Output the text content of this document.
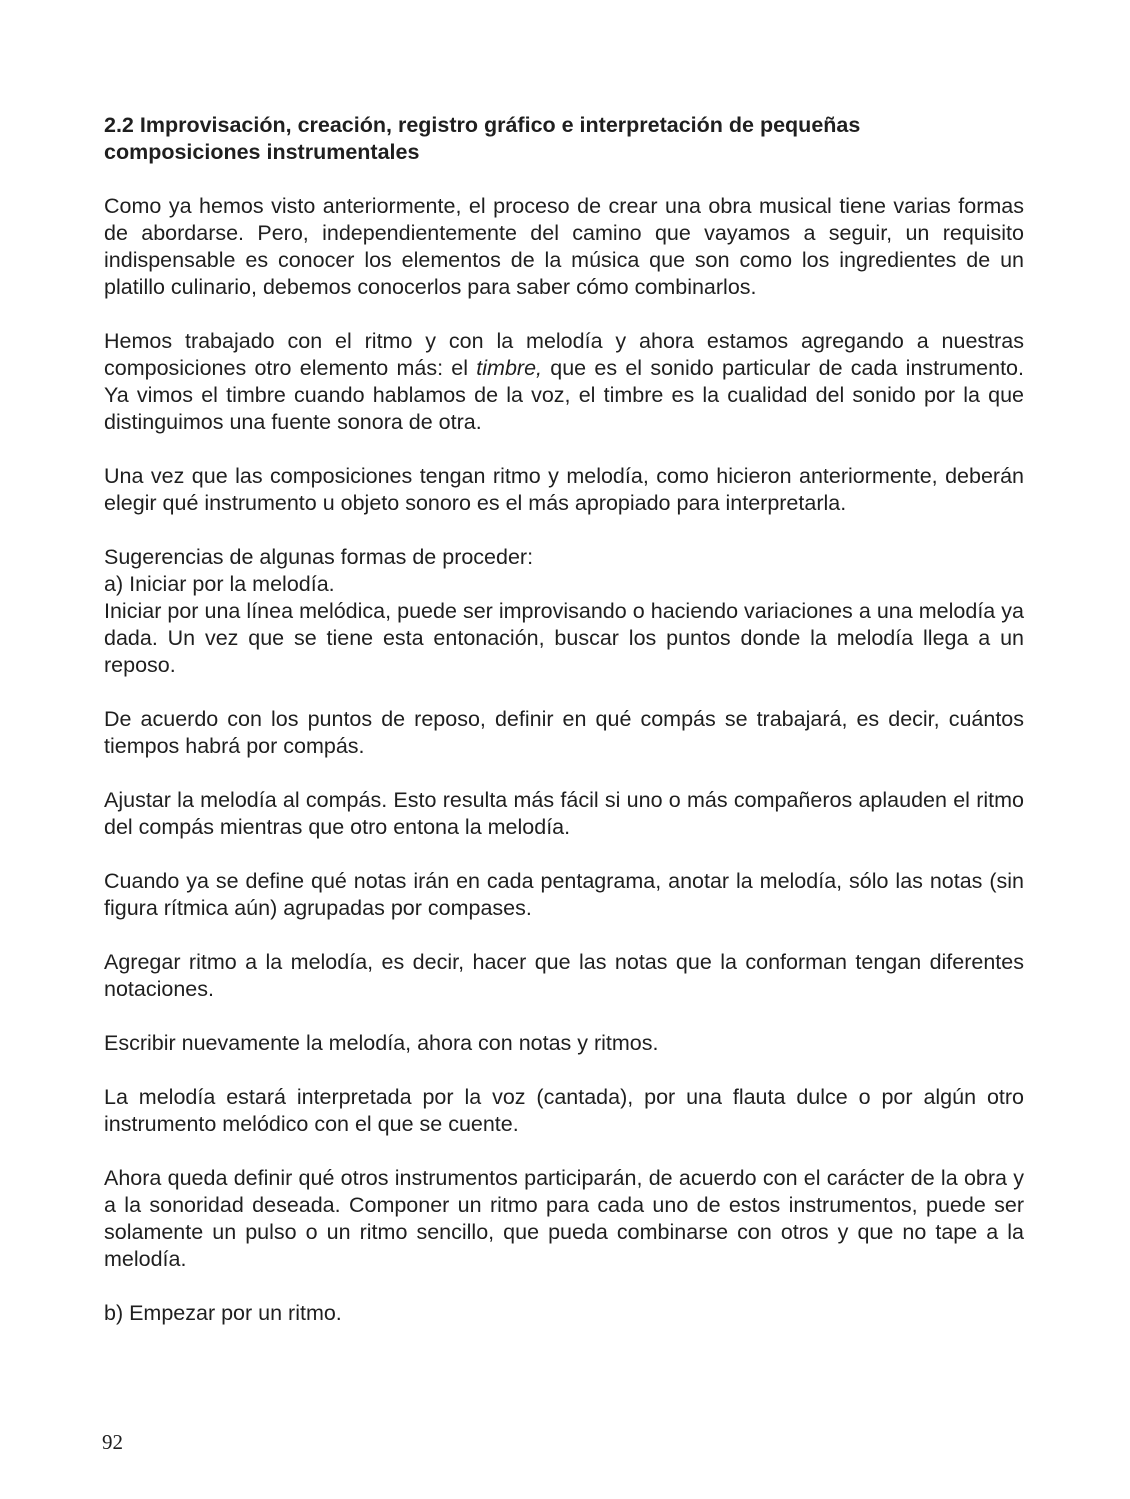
2.2 Improvisación, creación, registro gráfico e interpretación de pequeñas
composiciones instrumentales

Como ya hemos visto anteriormente, el proceso de crear una obra musical tiene varias formas de abordarse. Pero, independientemente del camino que vayamos a seguir, un requisito indispensable es conocer los elementos de la música que son como los ingredientes de un platillo culinario, debemos conocerlos para saber cómo combinarlos.

Hemos trabajado con el ritmo y con la melodía y ahora estamos agregando a nuestras composiciones otro elemento más: el timbre, que es el sonido particular de cada instrumento. Ya vimos el timbre cuando hablamos de la voz, el timbre es la cualidad del sonido por la que distinguimos una fuente sonora de otra.

Una vez que las composiciones tengan ritmo y melodía, como hicieron anteriormente, deberán elegir qué instrumento u objeto sonoro es el más apropiado para interpretarla.

Sugerencias de algunas formas de proceder:
a) Iniciar por la melodía.

Iniciar por una línea melódica, puede ser improvisando o haciendo variaciones a una melodía ya dada. Un vez que se tiene esta entonación, buscar los puntos donde la melodía llega a un reposo.

De acuerdo con los puntos de reposo, definir en qué compás se trabajará, es decir, cuántos tiempos habrá por compás.

Ajustar la melodía al compás. Esto resulta más fácil si uno o más compañeros aplauden el ritmo del compás mientras que otro entona la melodía.

Cuando ya se define qué notas irán en cada pentagrama, anotar la melodía, sólo las notas (sin figura rítmica aún) agrupadas por compases.

Agregar ritmo a la melodía, es decir, hacer que las notas que la conforman tengan diferentes notaciones.

Escribir nuevamente la melodía, ahora con notas y ritmos.

La melodía estará interpretada por la voz (cantada), por una flauta dulce o por algún otro instrumento melódico con el que se cuente.

Ahora queda definir qué otros instrumentos participarán, de acuerdo con el carácter de la obra y a la sonoridad deseada. Componer un ritmo para cada uno de estos instrumentos, puede ser solamente un pulso o un ritmo sencillo, que pueda combinarse con otros y que no tape a la melodía.

b) Empezar por un ritmo.

92
